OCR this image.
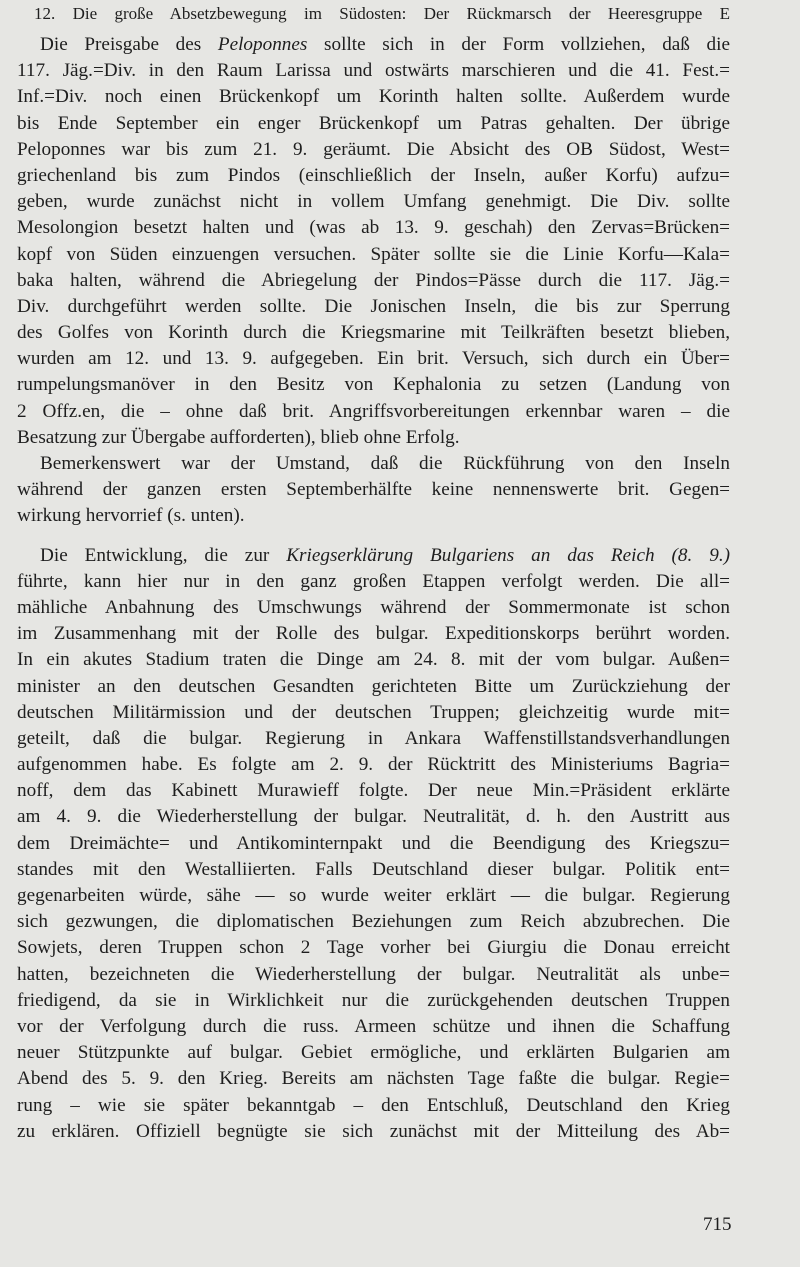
12. Die große Absetzbewegung im Südosten: Der Rückmarsch der Heeresgruppe E
Die Preisgabe des Peloponnes sollte sich in der Form vollziehen, daß die
117. Jäg.=Div. in den Raum Larissa und ostwärts marschieren und die 41. Fest.=
Inf.=Div. noch einen Brückenkopf um Korinth halten sollte. Außerdem wurde
bis Ende September ein enger Brückenkopf um Patras gehalten. Der übrige
Peloponnes war bis zum 21. 9. geräumt. Die Absicht des OB Südost, West=
griechenland bis zum Pindos (einschließlich der Inseln, außer Korfu) aufzu=
geben, wurde zunächst nicht in vollem Umfang genehmigt. Die Div. sollte
Mesolongion besetzt halten und (was ab 13. 9. geschah) den Zervas=Brücken=
kopf von Süden einzuengen versuchen. Später sollte sie die Linie Korfu—Kala=
baka halten, während die Abriegelung der Pindos=Pässe durch die 117. Jäg.=
Div. durchgeführt werden sollte. Die Jonischen Inseln, die bis zur Sperrung
des Golfes von Korinth durch die Kriegsmarine mit Teilkräften besetzt blieben,
wurden am 12. und 13. 9. aufgegeben. Ein brit. Versuch, sich durch ein Über=
rumpelungsmanöver in den Besitz von Kephalonia zu setzen (Landung von
2 Offz.en, die – ohne daß brit. Angriffsvorbereitungen erkennbar waren – die
Besatzung zur Übergabe aufforderten), blieb ohne Erfolg.
Bemerkenswert war der Umstand, daß die Rückführung von den Inseln
während der ganzen ersten Septemberhälfte keine nennenswerte brit. Gegen=
wirkung hervorrief (s. unten).
Die Entwicklung, die zur Kriegserklärung Bulgariens an das Reich (8. 9.)
führte, kann hier nur in den ganz großen Etappen verfolgt werden. Die all=
mähliche Anbahnung des Umschwungs während der Sommermonate ist schon
im Zusammenhang mit der Rolle des bulgar. Expeditionskorps berührt worden.
In ein akutes Stadium traten die Dinge am 24. 8. mit der vom bulgar. Außen=
minister an den deutschen Gesandten gerichteten Bitte um Zurückziehung der
deutschen Militärmission und der deutschen Truppen; gleichzeitig wurde mit=
geteilt, daß die bulgar. Regierung in Ankara Waffenstillstandsverhandlungen
aufgenommen habe. Es folgte am 2. 9. der Rücktritt des Ministeriums Bagria=
noff, dem das Kabinett Murawieff folgte. Der neue Min.=Präsident erklärte
am 4. 9. die Wiederherstellung der bulgar. Neutralität, d. h. den Austritt aus
dem Dreimächte= und Antikominternpakt und die Beendigung des Kriegszu=
standes mit den Westalliierten. Falls Deutschland dieser bulgar. Politik ent=
gegenarbeiten würde, sähe — so wurde weiter erklärt — die bulgar. Regierung
sich gezwungen, die diplomatischen Beziehungen zum Reich abzubrechen. Die
Sowjets, deren Truppen schon 2 Tage vorher bei Giurgiu die Donau erreicht
hatten, bezeichneten die Wiederherstellung der bulgar. Neutralität als unbe=
friedigend, da sie in Wirklichkeit nur die zurückgehenden deutschen Truppen
vor der Verfolgung durch die russ. Armeen schütze und ihnen die Schaffung
neuer Stützpunkte auf bulgar. Gebiet ermögliche, und erklärten Bulgarien am
Abend des 5. 9. den Krieg. Bereits am nächsten Tage faßte die bulgar. Regie=
rung – wie sie später bekanntgab – den Entschluß, Deutschland den Krieg
zu erklären. Offiziell begnügte sie sich zunächst mit der Mitteilung des Ab=
715
